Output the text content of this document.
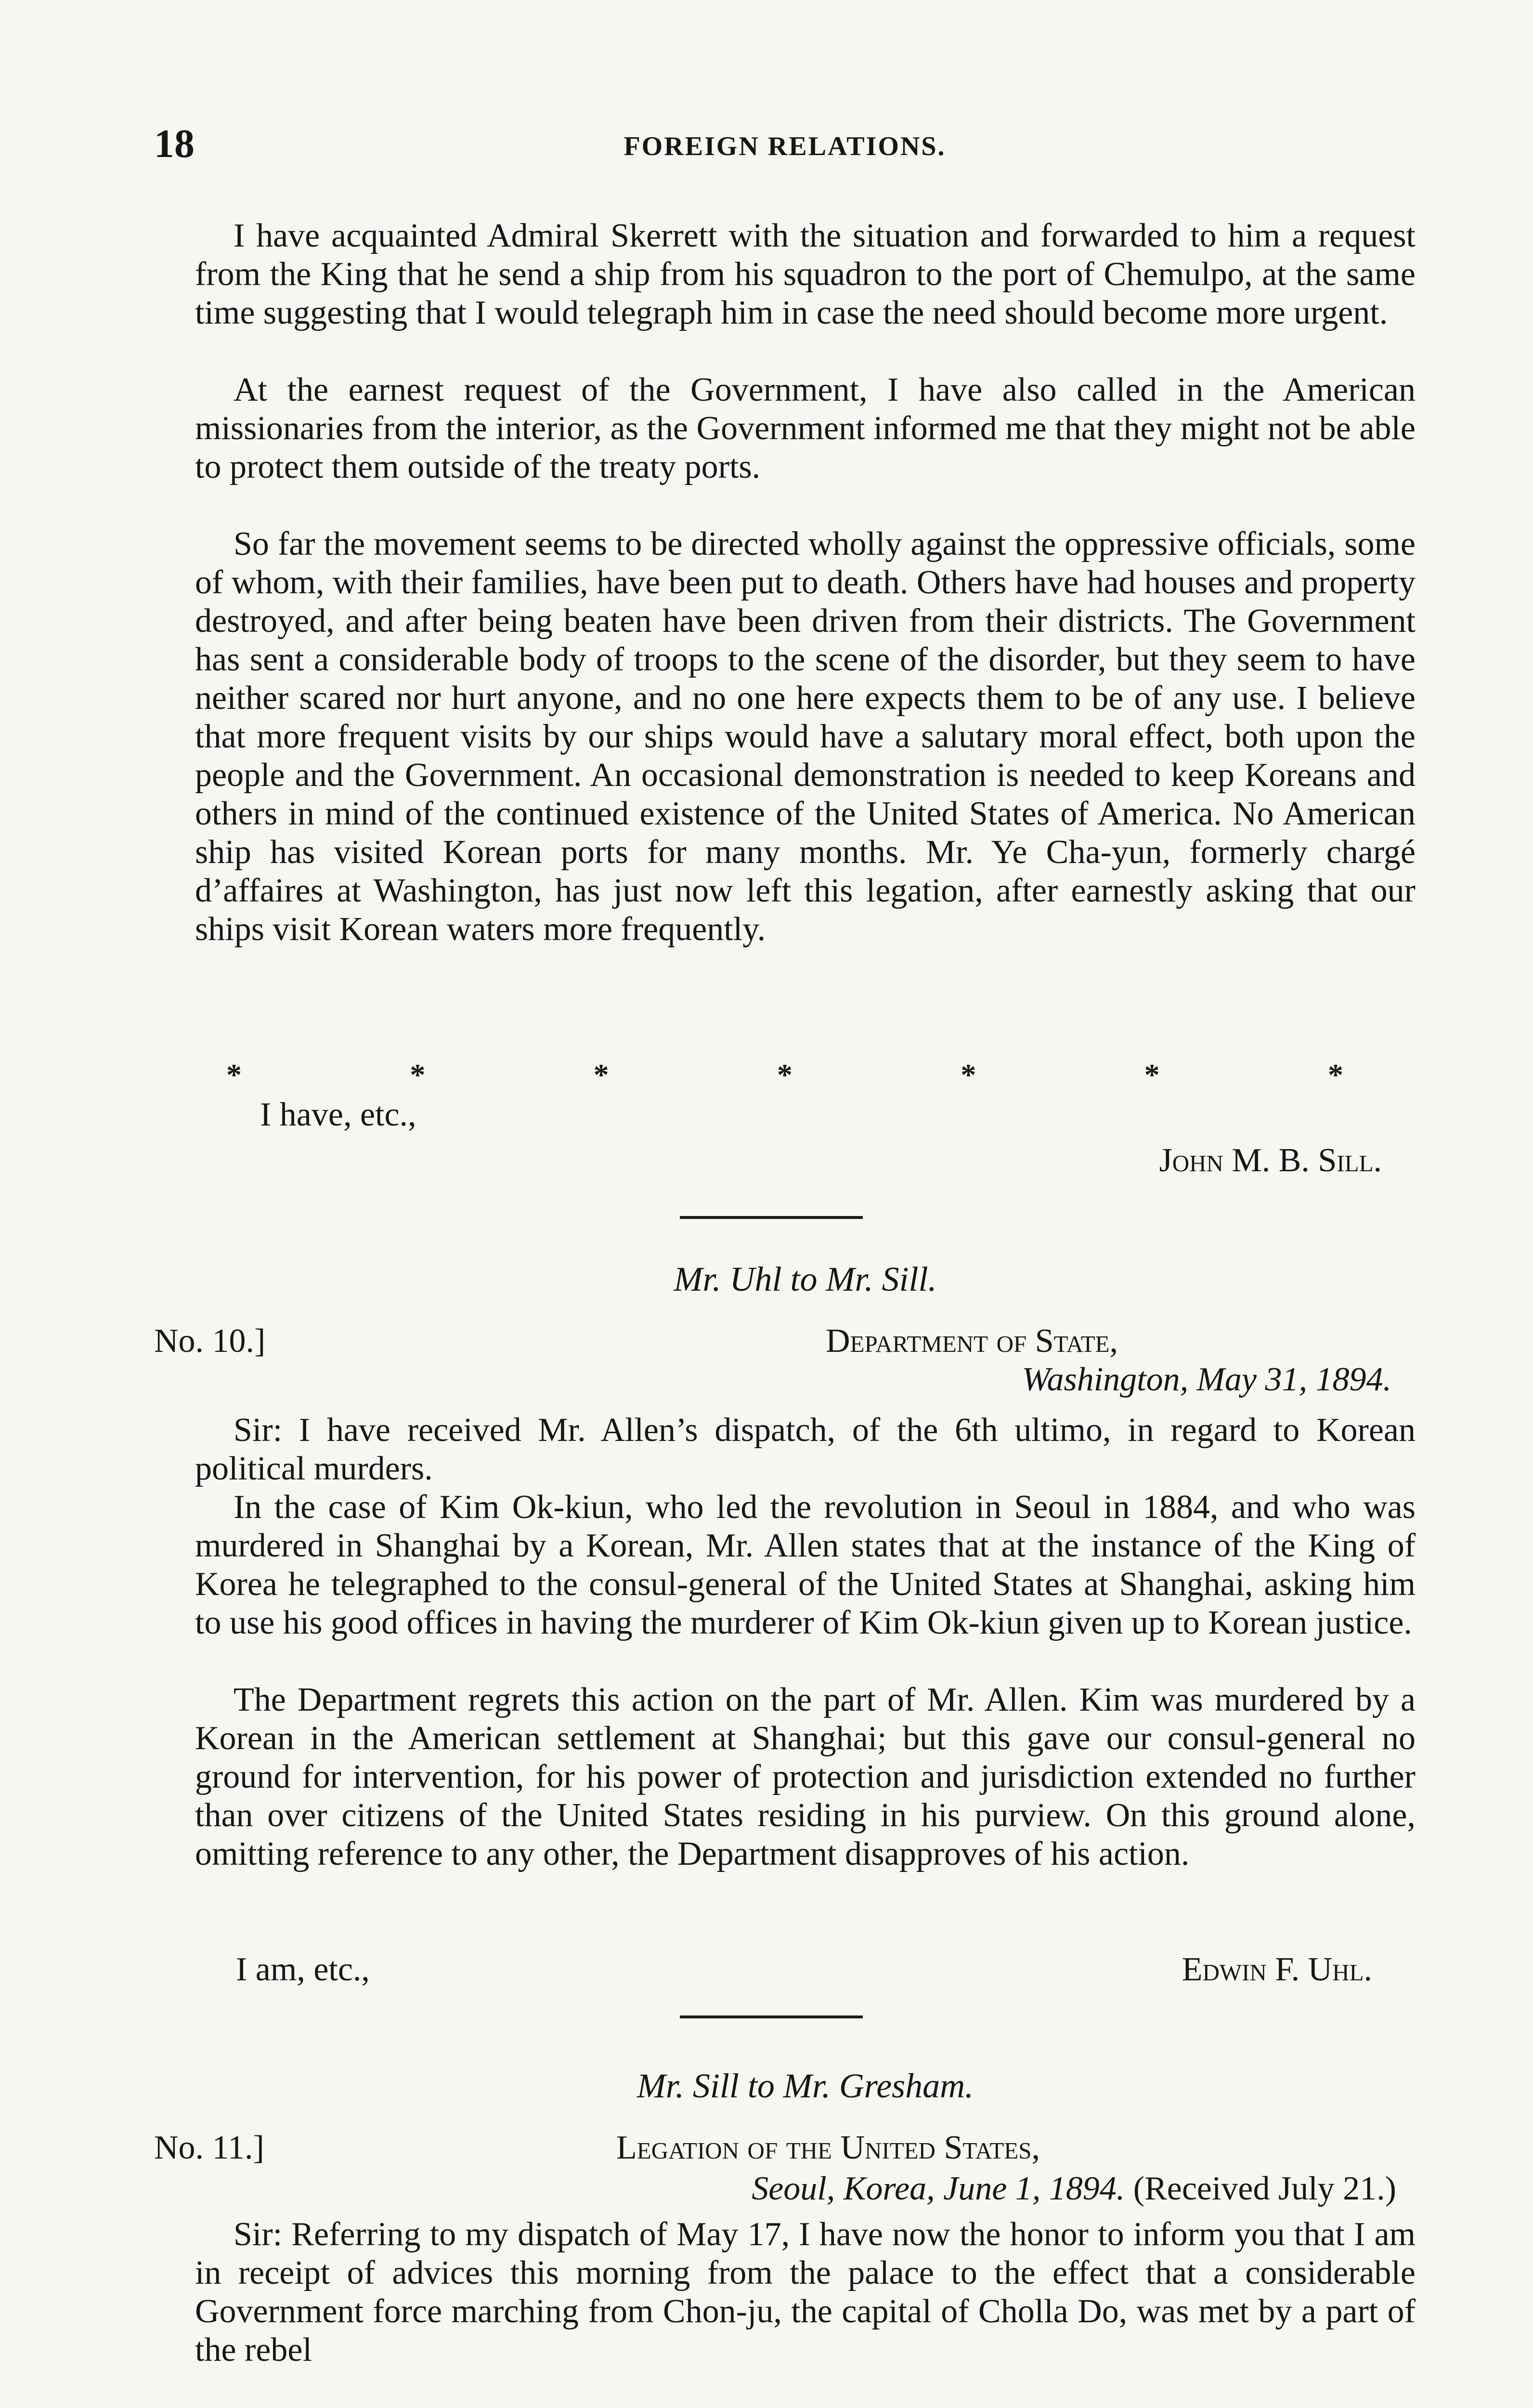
18	FOREIGN RELATIONS.

I have acquainted Admiral Skerrett with the situation and forwarded to him a request from the King that he send a ship from his squadron to the port of Chemulpo, at the same time suggesting that I would telegraph him in case the need should become more urgent.

At the earnest request of the Government, I have also called in the American missionaries from the interior, as the Government informed me that they might not be able to protect them outside of the treaty ports.

So far the movement seems to be directed wholly against the oppressive officials, some of whom, with their families, have been put to death. Others have had houses and property destroyed, and after being beaten have been driven from their districts. The Government has sent a considerable body of troops to the scene of the disorder, but they seem to have neither scared nor hurt anyone, and no one here expects them to be of any use. I believe that more frequent visits by our ships would have a salutary moral effect, both upon the people and the Government. An occasional demonstration is needed to keep Koreans and others in mind of the continued existence of the United States of America. No American ship has visited Korean ports for many months. Mr. Ye Cha-yun, formerly chargé d’affaires at Washington, has just now left this legation, after earnestly asking that our ships visit Korean waters more frequently.

*	*	*	*	*	*	*

I have, etc.,

John M. B. Sill.

Mr. Uhl to Mr. Sill.

No. 10.]	Department of State,

Washington, May 31, 1894.

Sir: I have received Mr. Allen’s dispatch, of the 6th ultimo, in regard to Korean political murders.

In the case of Kim Ok-kiun, who led the revolution in Seoul in 1884, and who was murdered in Shanghai by a Korean, Mr. Allen states that at the instance of the King of Korea he telegraphed to the consul-general of the United States at Shanghai, asking him to use his good offices in having the murderer of Kim Ok-kiun given up to Korean justice.

The Department regrets this action on the part of Mr. Allen. Kim was murdered by a Korean in the American settlement at Shanghai; but this gave our consul-general no ground for intervention, for his power of protection and jurisdiction extended no further than over citizens of the United States residing in his purview. On this ground alone, omitting reference to any other, the Department disapproves of his action.

I am, etc.,	Edwin F. Uhl.

Mr. Sill to Mr. Gresham.

No. 11.]	Legation of the United States,

Seoul, Korea, June 1, 1894. (Received July 21.)

Sir: Referring to my dispatch of May 17, I have now the honor to inform you that I am in receipt of advices this morning from the palace to the effect that a considerable Government force marching from Chon-ju, the capital of Cholla Do, was met by a part of the rebel
